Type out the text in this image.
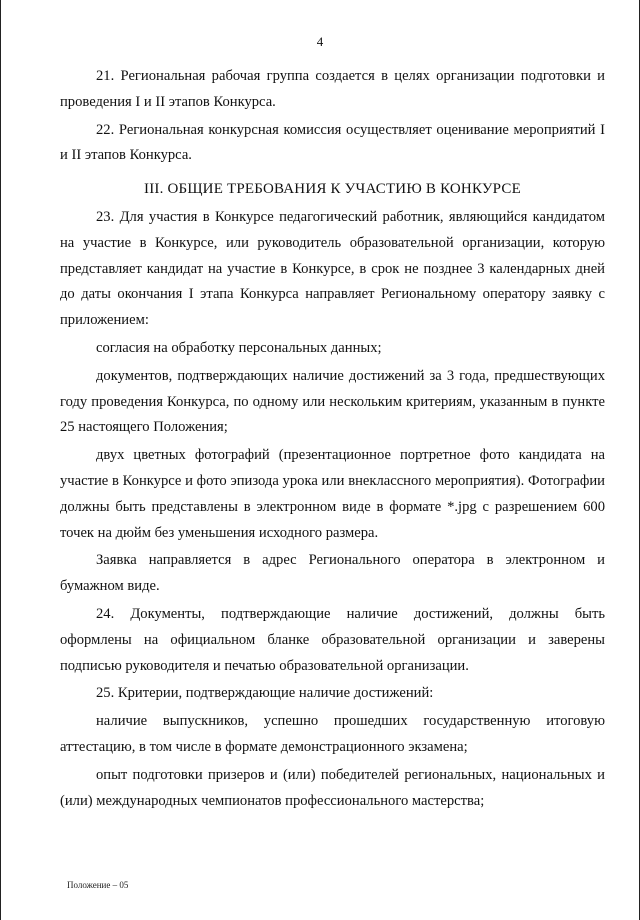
4

21. Региональная рабочая группа создается в целях организации подготовки и проведения I и II этапов Конкурса.

22. Региональная конкурсная комиссия осуществляет оценивание мероприятий I и II этапов Конкурса.

III. ОБЩИЕ ТРЕБОВАНИЯ К УЧАСТИЮ В КОНКУРСЕ

23. Для участия в Конкурсе педагогический работник, являющийся кандидатом на участие в Конкурсе, или руководитель образовательной организации, которую представляет кандидат на участие в Конкурсе, в срок не позднее 3 календарных дней до даты окончания I этапа Конкурса направляет Региональному оператору заявку с приложением:

согласия на обработку персональных данных;

документов, подтверждающих наличие достижений за 3 года, предшествующих году проведения Конкурса, по одному или нескольким критериям, указанным в пункте 25 настоящего Положения;

двух цветных фотографий (презентационное портретное фото кандидата на участие в Конкурсе и фото эпизода урока или внеклассного мероприятия). Фотографии должны быть представлены в электронном виде в формате *.jpg с разрешением 600 точек на дюйм без уменьшения исходного размера.

Заявка направляется в адрес Регионального оператора в электронном и бумажном виде.

24. Документы, подтверждающие наличие достижений, должны быть оформлены на официальном бланке образовательной организации и заверены подписью руководителя и печатью образовательной организации.

25. Критерии, подтверждающие наличие достижений:

наличие выпускников, успешно прошедших государственную итоговую аттестацию, в том числе в формате демонстрационного экзамена;

опыт подготовки призеров и (или) победителей региональных, национальных и (или) международных чемпионатов профессионального мастерства;

Положение – 05
